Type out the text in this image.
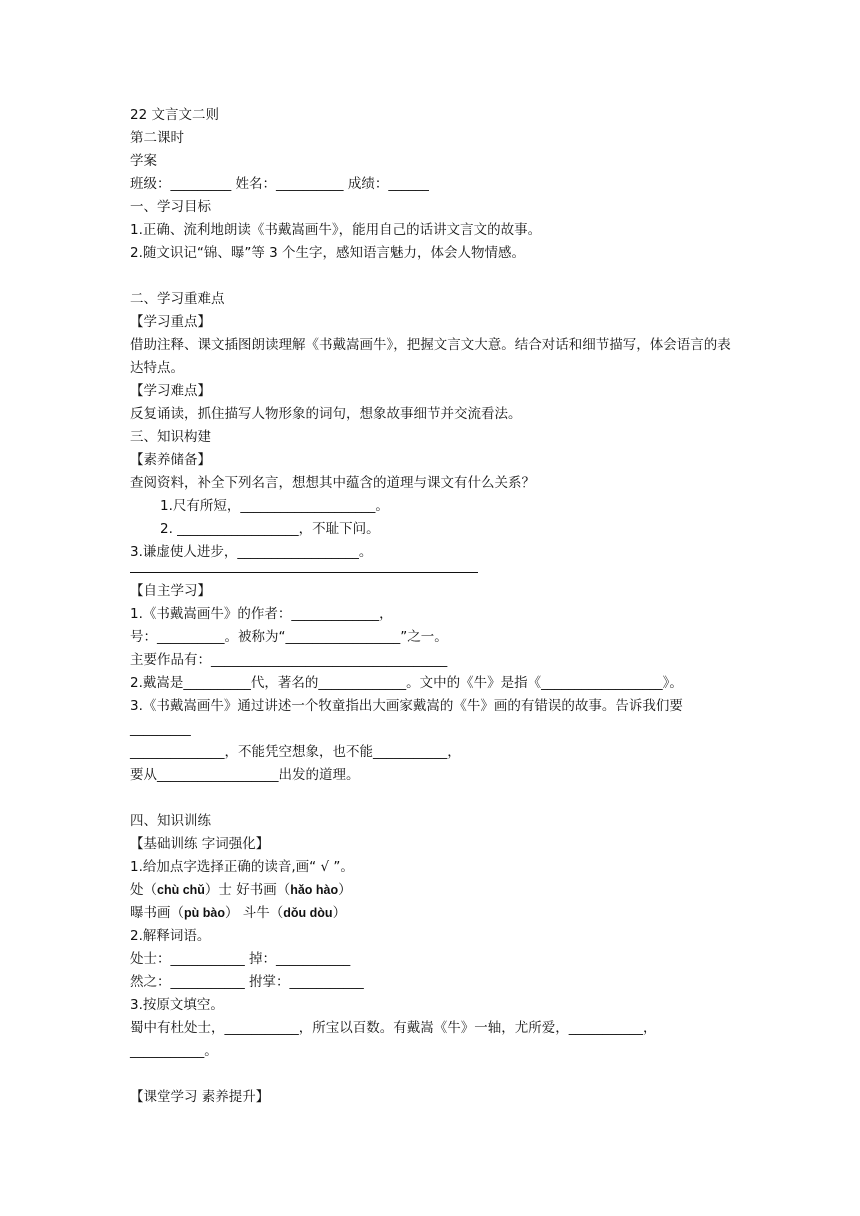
22 文言文二则
第二课时
学案
班级：_________ 姓名：__________ 成绩：______
一、学习目标
1.正确、流利地朗读《书戴嵩画牛》，能用自己的话讲文言文的故事。
2.随文识记“锦、曝”等 3 个生字，感知语言魅力，体会人物情感。
二、学习重难点
【学习重点】
借助注释、课文插图朗读理解《书戴嵩画牛》，把握文言文大意。结合对话和细节描写，体会语言的表达特点。
【学习难点】
反复诵读，抓住描写人物形象的词句，想象故事细节并交流看法。
三、知识构建
【素养储备】
查阅资料，补全下列名言，想想其中蕴含的道理与课文有什么关系？
1.尺有所短，____________________。
2. __________________，不耻下问。
3.谦虚使人进步，__________________。
【自主学习】
1.《书戴嵩画牛》的作者：_____________，
号：__________。被称为“_________________”之一。
主要作品有：___________________________________
2.戴嵩是__________代，著名的_____________。文中的《牛》是指《__________________》。
3.《书戴嵩画牛》通过讲述一个牧童指出大画家戴嵩的《牛》画的有错误的故事。告诉我们要_________
______________，不能凭空想象，也不能___________，
要从__________________出发的道理。
四、知识训练
【基础训练 字词强化】
1.给加点字选择正确的读音,画“ √ ”。
处（chù chǔ）士 好书画（hǎo hào）
曝书画（pù bào） 斗牛（dǒu dòu）
2.解释词语。
处士：___________ 掉：___________
然之：___________ 拊掌：___________
3.按原文填空。
蜀中有杜处士，___________，所宝以百数。有戴嵩《牛》一轴，尤所爱，___________，
___________。
【课堂学习 素养提升】
